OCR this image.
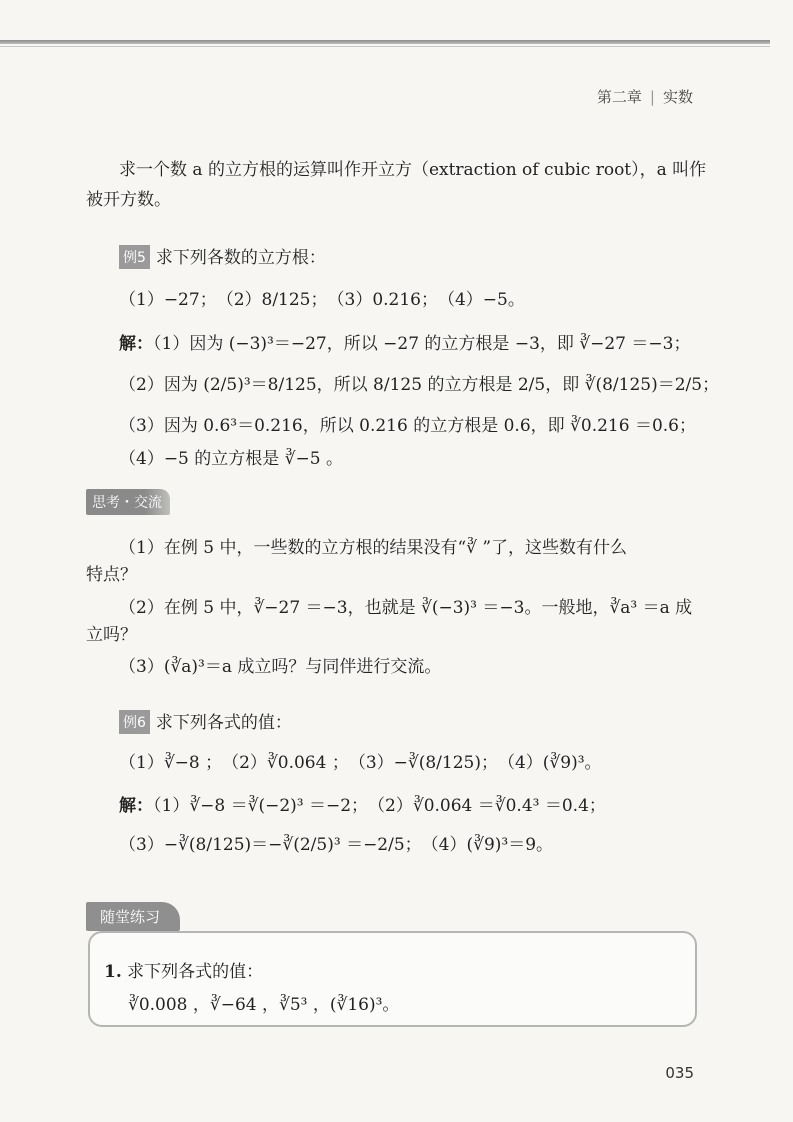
第二章 | 实数
求一个数 a 的立方根的运算叫作开立方（extraction of cubic root），a 叫作
被开方数。
例5 求下列各数的立方根：
（1）−27；　（2）8/125；　（3）0.216；　（4）−5。
解：（1）因为 (−3)³＝−27，所以 −27 的立方根是 −3，即 ∛−27 ＝−3；
（2）因为 (2/5)³＝8/125，所以 8/125 的立方根是 2/5，即 ∛(8/125)＝2/5；
（3）因为 0.6³＝0.216，所以 0.216 的立方根是 0.6，即 ∛0.216 ＝0.6；
（4）−5 的立方根是 ∛−5 。
思考・交流
（1）在例 5 中，一些数的立方根的结果没有“∛ ”了，这些数有什么
特点？
（2）在例 5 中，∛−27 ＝−3，也就是 ∛(−3)³ ＝−3。一般地，∛a³ ＝a 成
立吗？
（3）(∛a)³＝a 成立吗？与同伴进行交流。
例6 求下列各式的值：
（1）∛−8 ；　（2）∛0.064 ；　（3）−∛(8/125)；　（4）(∛9)³。
解：（1）∛−8 ＝∛(−2)³ ＝−2；　（2）∛0.064 ＝∛0.4³ ＝0.4；
（3）−∛(8/125)＝−∛(2/5)³ ＝−2/5；　（4）(∛9)³＝9。
随堂练习
1. 求下列各式的值：
∛0.008 ，∛−64 ，∛5³ ，(∛16)³。
035
